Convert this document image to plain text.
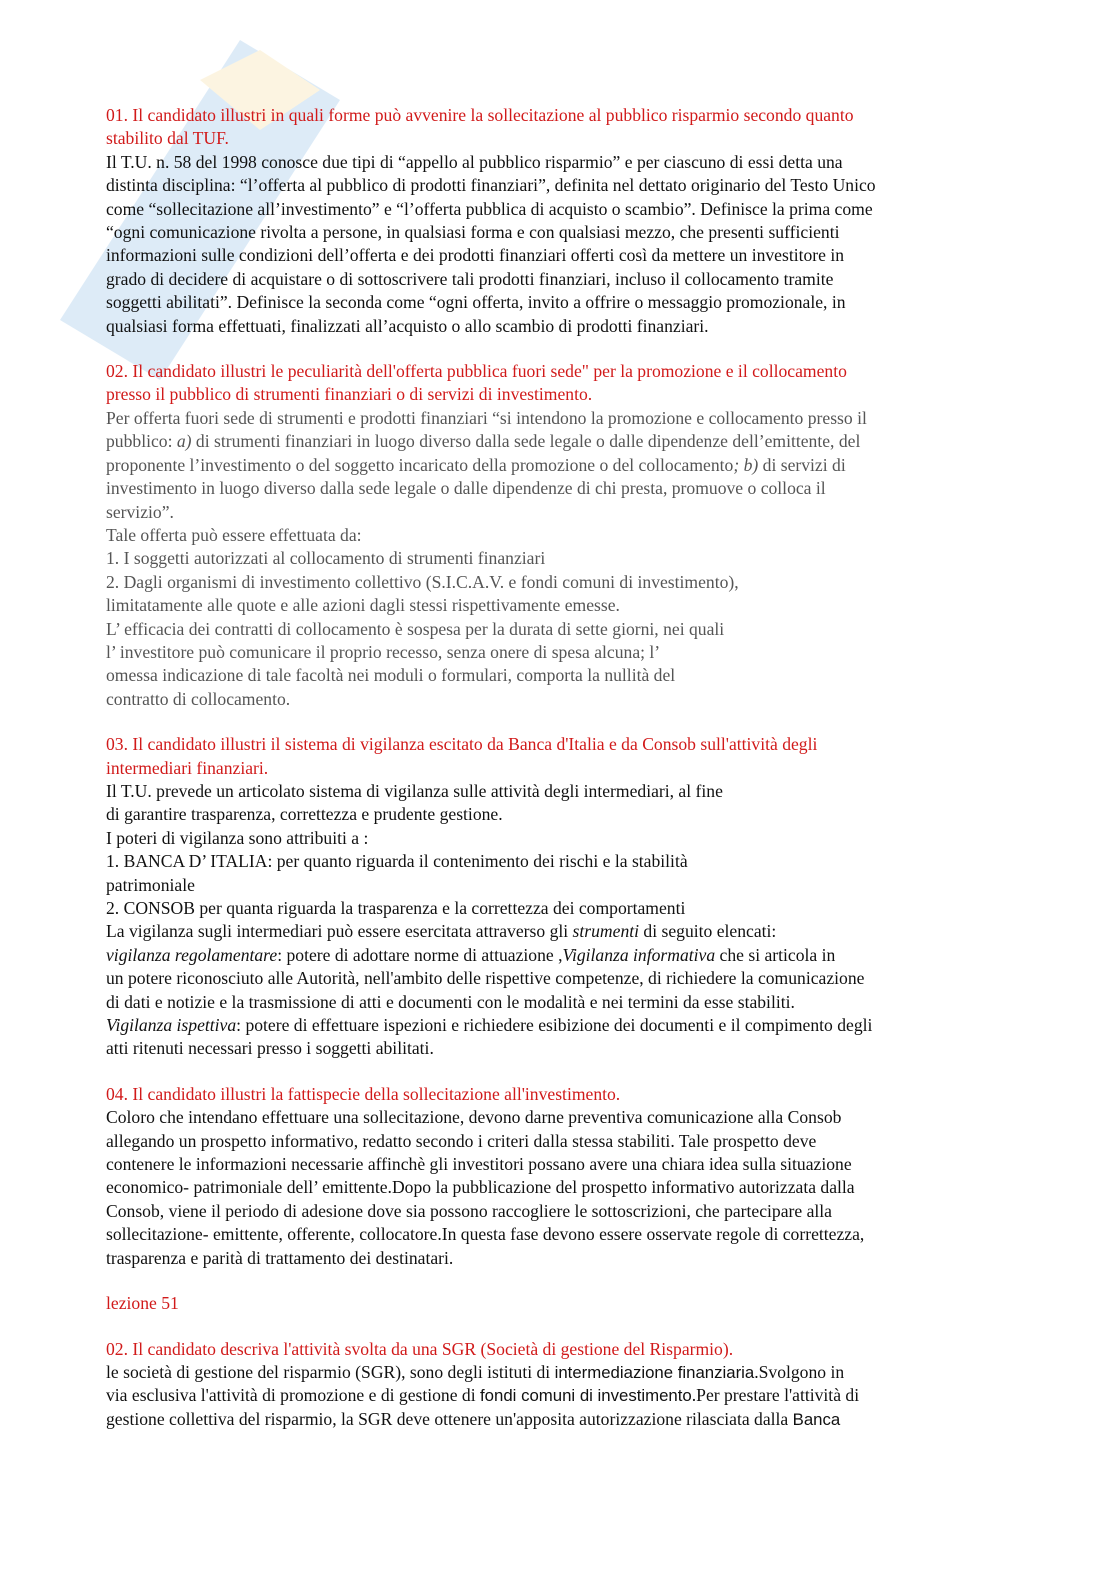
01. Il candidato illustri in quali forme può avvenire la sollecitazione al pubblico risparmio secondo quanto
stabilito dal TUF.
Il T.U. n. 58 del 1998 conosce due tipi di “appello al pubblico risparmio” e per ciascuno di essi detta una
distinta disciplina: “l’offerta al pubblico di prodotti finanziari”, definita nel dettato originario del Testo Unico
come “sollecitazione all’investimento” e “l’offerta pubblica di acquisto o scambio”. Definisce la prima come
“ogni comunicazione rivolta a persone, in qualsiasi forma e con qualsiasi mezzo, che presenti sufficienti
informazioni sulle condizioni dell’offerta e dei prodotti finanziari offerti così da mettere un investitore in
grado di decidere di acquistare o di sottoscrivere tali prodotti finanziari, incluso il collocamento tramite
soggetti abilitati”. Definisce la seconda come “ogni offerta, invito a offrire o messaggio promozionale, in
qualsiasi forma effettuati, finalizzati all’acquisto o allo scambio di prodotti finanziari.
02. Il candidato illustri le peculiarità dell'offerta pubblica fuori sede" per la promozione e il collocamento
presso il pubblico di strumenti finanziari o di servizi di investimento.
Per offerta fuori sede di strumenti e prodotti finanziari “si intendono la promozione e collocamento presso il
pubblico: a) di strumenti finanziari in luogo diverso dalla sede legale o dalle dipendenze dell’emittente, del
proponente l’investimento o del soggetto incaricato della promozione o del collocamento; b) di servizi di
investimento in luogo diverso dalla sede legale o dalle dipendenze di chi presta, promuove o colloca il
servizio”.
Tale offerta può essere effettuata da:
1. I soggetti autorizzati al collocamento di strumenti finanziari
2. Dagli organismi di investimento collettivo (S.I.C.A.V. e fondi comuni di investimento),
limitatamente alle quote e alle azioni dagli stessi rispettivamente emesse.
L’ efficacia dei contratti di collocamento è sospesa per la durata di sette giorni, nei quali
l’ investitore può comunicare il proprio recesso, senza onere di spesa alcuna; l’
omessa indicazione di tale facoltà nei moduli o formulari, comporta la nullità del
contratto di collocamento.
03. Il candidato illustri il sistema di vigilanza escitato da Banca d'Italia e da Consob sull'attività degli
intermediari finanziari.
Il T.U. prevede un articolato sistema di vigilanza sulle attività degli intermediari, al fine
di garantire trasparenza, correttezza e prudente gestione.
I poteri di vigilanza sono attribuiti a :
1. BANCA D’ ITALIA: per quanto riguarda il contenimento dei rischi e la stabilità
patrimoniale
2. CONSOB per quanta riguarda la trasparenza e la correttezza dei comportamenti
La vigilanza sugli intermediari può essere esercitata attraverso gli strumenti di seguito elencati:
vigilanza regolamentare: potere di adottare norme di attuazione ,Vigilanza informativa che si articola in
un potere riconosciuto alle Autorità, nell'ambito delle rispettive competenze, di richiedere la comunicazione
di dati e notizie e la trasmissione di atti e documenti con le modalità e nei termini da esse stabiliti.
Vigilanza ispettiva: potere di effettuare ispezioni e richiedere esibizione dei documenti e il compimento degli
atti ritenuti necessari presso i soggetti abilitati.
04. Il candidato illustri la fattispecie della sollecitazione all'investimento.
Coloro che intendano effettuare una sollecitazione, devono darne preventiva comunicazione alla Consob
allegando un prospetto informativo, redatto secondo i criteri dalla stessa stabiliti. Tale prospetto deve
contenere le informazioni necessarie affinchè gli investitori possano avere una chiara idea sulla situazione
economico- patrimoniale dell’ emittente.Dopo la pubblicazione del prospetto informativo autorizzata dalla
Consob, viene il periodo di adesione dove sia possono raccogliere le sottoscrizioni, che partecipare alla
sollecitazione- emittente, offerente, collocatore.In questa fase devono essere osservate regole di correttezza,
trasparenza e parità di trattamento dei destinatari.
lezione 51
02. Il candidato descriva l'attività svolta da una SGR (Società di gestione del Risparmio).
le società di gestione del risparmio (SGR), sono degli istituti di intermediazione finanziaria.Svolgono in
via esclusiva l'attività di promozione e di gestione di fondi comuni di investimento.Per prestare l'attività di
gestione collettiva del risparmio, la SGR deve ottenere un'apposita autorizzazione rilasciata dalla Banca
